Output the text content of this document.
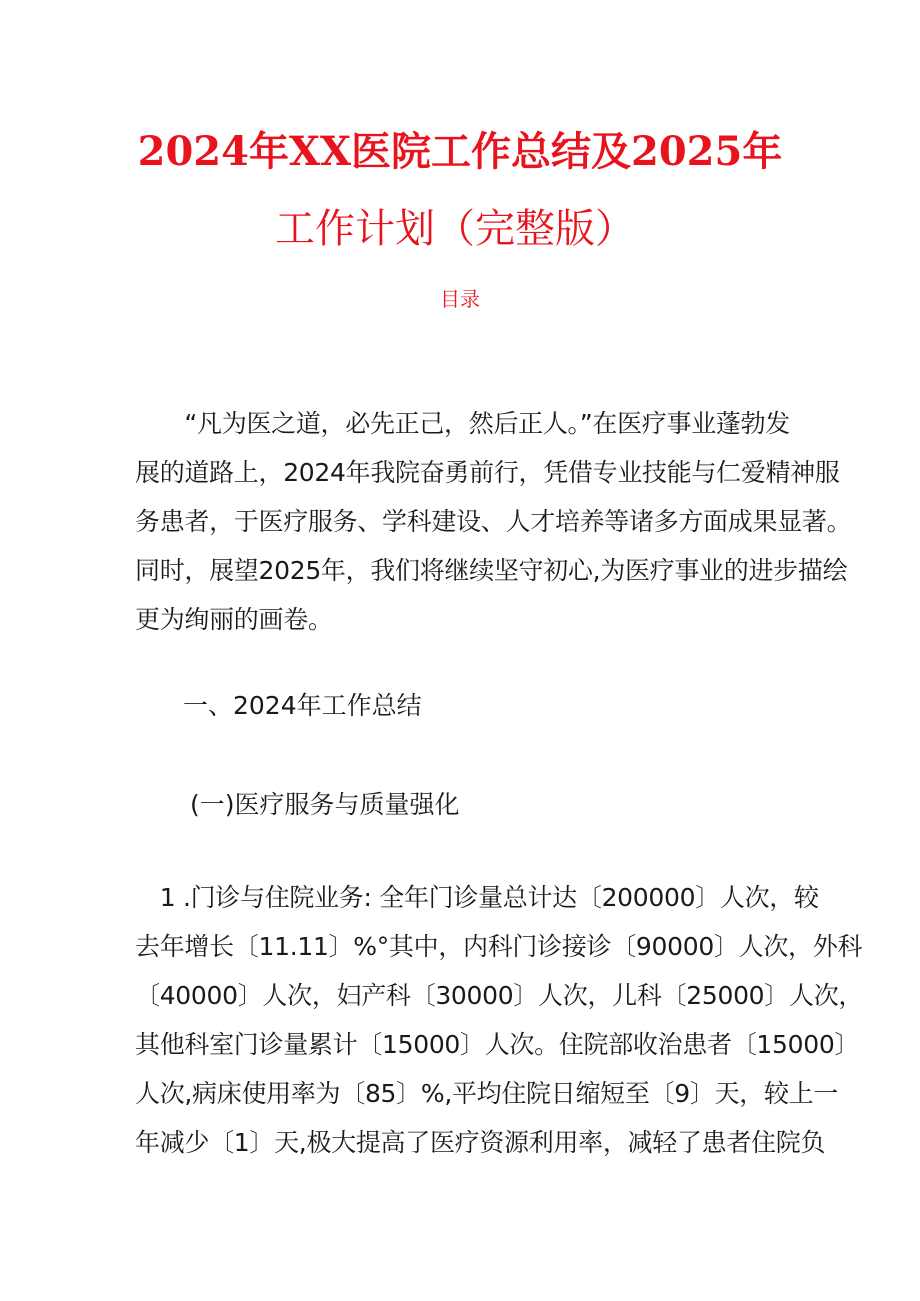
2024年XX医院工作总结及2025年
工作计划（完整版）
目录
　　“凡为医之道，必先正己，然后正人。”在医疗事业蓬勃发
展的道路上，2024年我院奋勇前行，凭借专业技能与仁爱精神服
务患者，于医疗服务、学科建设、人才培养等诸多方面成果显著。
同时，展望2025年，我们将继续坚守初心,为医疗事业的进步描绘
更为绚丽的画卷。
一、2024年工作总结
(一)医疗服务与质量强化
　1 .门诊与住院业务: 全年门诊量总计达〔200000〕人次，较
去年增长〔11.11〕%°其中，内科门诊接诊〔90000〕人次，外科
〔40000〕人次，妇产科〔30000〕人次，儿科〔25000〕人次，
其他科室门诊量累计〔15000〕人次。住院部收治患者〔15000〕
人次,病床使用率为〔85〕%,平均住院日缩短至〔9〕天，较上一
年减少〔1〕天,极大提高了医疗资源利用率，减轻了患者住院负
